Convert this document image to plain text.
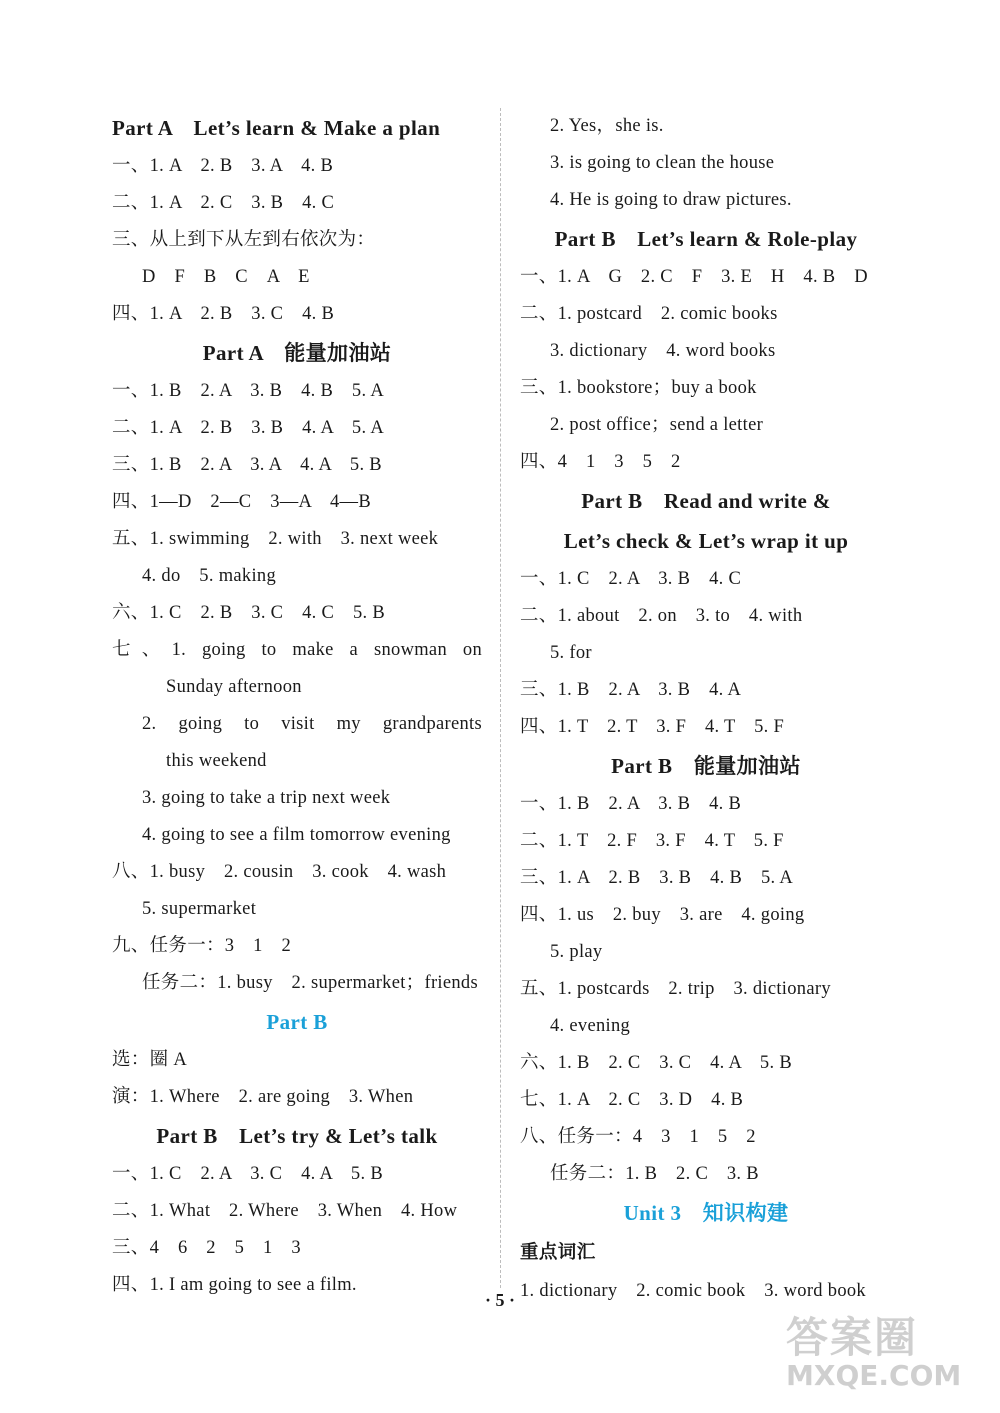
Part A　Let’s learn & Make a plan
一、1. A　2. B　3. A　4. B
二、1. A　2. C　3. B　4. C
三、从上到下从左到右依次为：
D　F　B　C　A　E
四、1. A　2. B　3. C　4. B
Part A　能量加油站
一、1. B　2. A　3. B　4. B　5. A
二、1. A　2. B　3. B　4. A　5. A
三、1. B　2. A　3. A　4. A　5. B
四、1—D　2—C　3—A　4—B
五、1. swimming　2. with　3. next week
4. do　5. making
六、1. C　2. B　3. C　4. C　5. B
七、1. going to make a snowman on
Sunday afternoon
2. going to visit my grandparents
this weekend
3. going to take a trip next week
4. going to see a film tomorrow evening
八、1. busy　2. cousin　3. cook　4. wash
5. supermarket
九、任务一：3　1　2
任务二：1. busy　2. supermarket；friends
Part B
选：圈 A
演：1. Where　2. are going　3. When
Part B　Let’s try & Let’s talk
一、1. C　2. A　3. C　4. A　5. B
二、1. What　2. Where　3. When　4. How
三、4　6　2　5　1　3
四、1. I am going to see a film.
2. Yes，she is.
3. is going to clean the house
4. He is going to draw pictures.
Part B　Let’s learn & Role-play
一、1. A　G　2. C　F　3. E　H　4. B　D
二、1. postcard　2. comic books
3. dictionary　4. word books
三、1. bookstore；buy a book
2. post office；send a letter
四、4　1　3　5　2
Part B　Read and write &
Let’s check & Let’s wrap it up
一、1. C　2. A　3. B　4. C
二、1. about　2. on　3. to　4. with
5. for
三、1. B　2. A　3. B　4. A
四、1. T　2. T　3. F　4. T　5. F
Part B　能量加油站
一、1. B　2. A　3. B　4. B
二、1. T　2. F　3. F　4. T　5. F
三、1. A　2. B　3. B　4. B　5. A
四、1. us　2. buy　3. are　4. going
5. play
五、1. postcards　2. trip　3. dictionary
4. evening
六、1. B　2. C　3. C　4. A　5. B
七、1. A　2. C　3. D　4. B
八、任务一：4　3　1　5　2
任务二：1. B　2. C　3. B
Unit 3　知识构建
重点词汇
1. dictionary　2. comic book　3. word book
· 5 ·
答案圈
MXQE.COM
